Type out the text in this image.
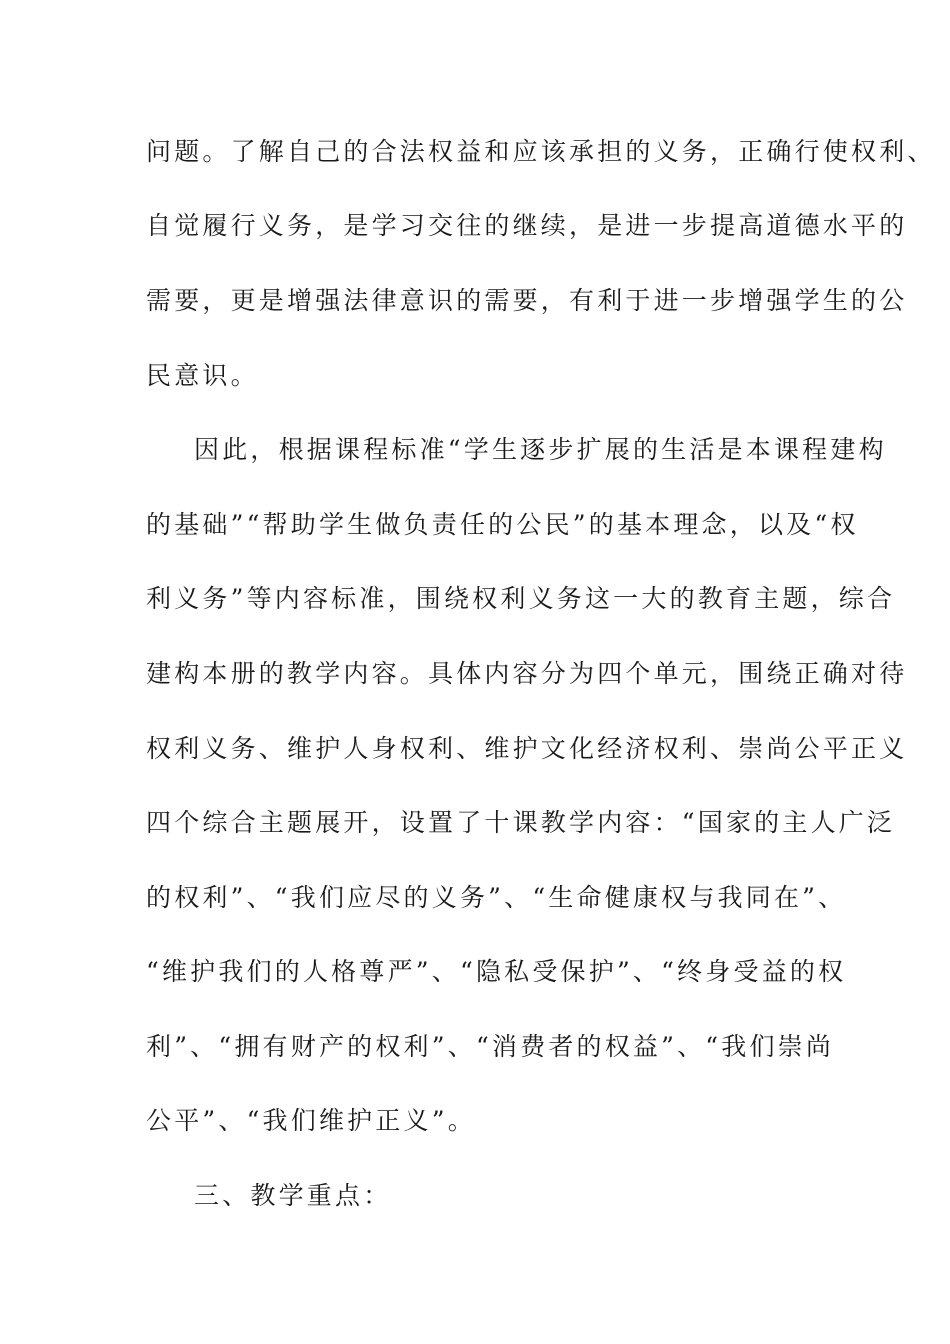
问题。了解自己的合法权益和应该承担的义务，正确行使权利、
自觉履行义务，是学习交往的继续，是进一步提高道德水平的
需要，更是增强法律意识的需要，有利于进一步增强学生的公
民意识。
因此，根据课程标准“学生逐步扩展的生活是本课程建构
的基础”“帮助学生做负责任的公民”的基本理念，以及“权
利义务”等内容标准，围绕权利义务这一大的教育主题，综合
建构本册的教学内容。具体内容分为四个单元，围绕正确对待
权利义务、维护人身权利、维护文化经济权利、崇尚公平正义
四个综合主题展开，设置了十课教学内容：“国家的主人广泛
的权利”、“我们应尽的义务”、“生命健康权与我同在”、
“维护我们的人格尊严”、“隐私受保护”、“终身受益的权
利”、“拥有财产的权利”、“消费者的权益”、“我们崇尚
公平”、“我们维护正义”。
三、教学重点：
